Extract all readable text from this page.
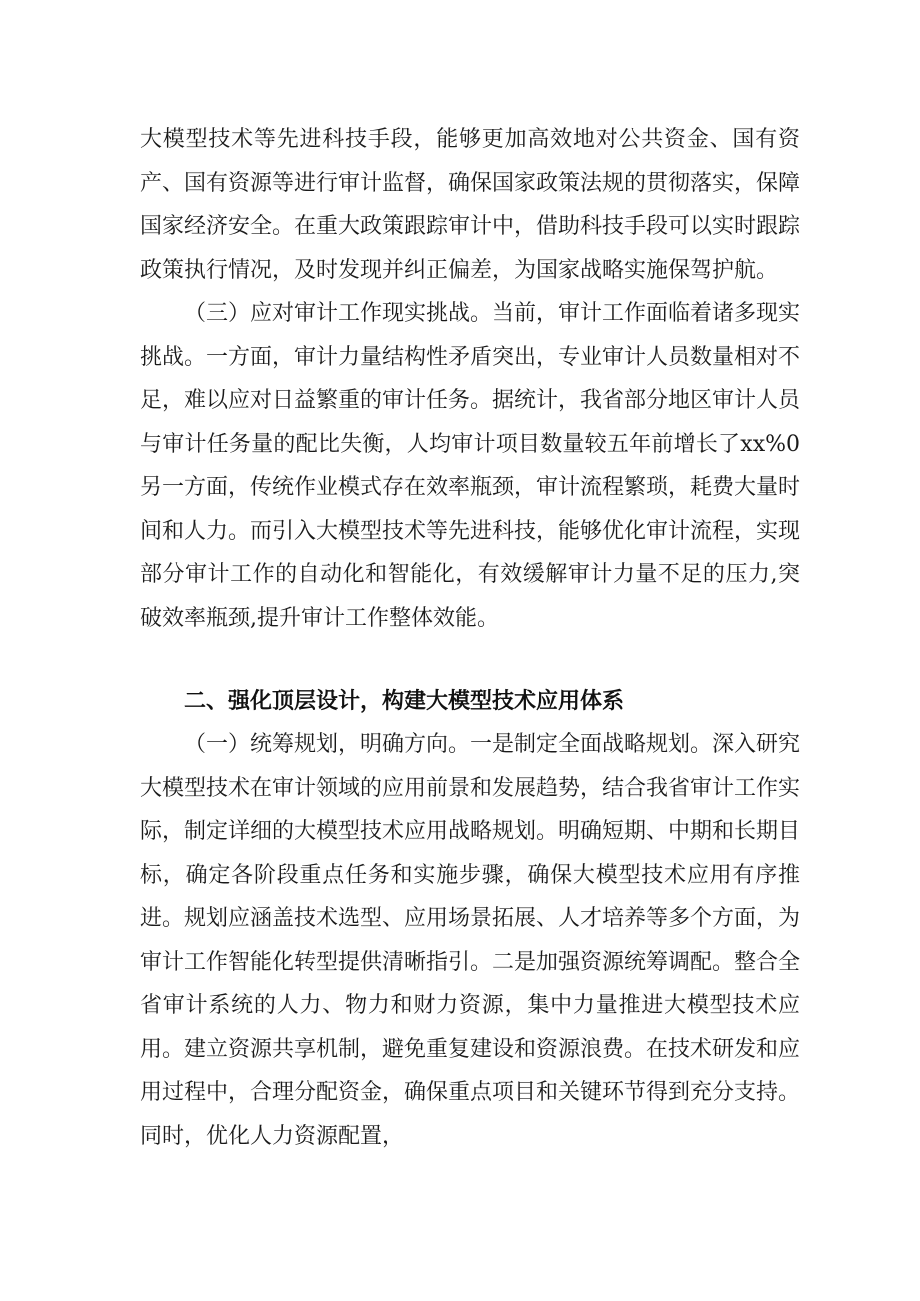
大模型技术等先进科技手段，能够更加高效地对公共资金、国有资产、国有资源等进行审计监督，确保国家政策法规的贯彻落实，保障国家经济安全。在重大政策跟踪审计中，借助科技手段可以实时跟踪政策执行情况，及时发现并纠正偏差，为国家战略实施保驾护航。

（三）应对审计工作现实挑战。当前，审计工作面临着诸多现实挑战。一方面，审计力量结构性矛盾突出，专业审计人员数量相对不足，难以应对日益繁重的审计任务。据统计，我省部分地区审计人员与审计任务量的配比失衡，人均审计项目数量较五年前增长了xx%0另一方面，传统作业模式存在效率瓶颈，审计流程繁琐，耗费大量时间和人力。而引入大模型技术等先进科技，能够优化审计流程，实现部分审计工作的自动化和智能化，有效缓解审计力量不足的压力,突破效率瓶颈,提升审计工作整体效能。

二、强化顶层设计，构建大模型技术应用体系

（一）统筹规划，明确方向。一是制定全面战略规划。深入研究大模型技术在审计领域的应用前景和发展趋势，结合我省审计工作实际，制定详细的大模型技术应用战略规划。明确短期、中期和长期目标，确定各阶段重点任务和实施步骤，确保大模型技术应用有序推进。规划应涵盖技术选型、应用场景拓展、人才培养等多个方面，为审计工作智能化转型提供清晰指引。二是加强资源统筹调配。整合全省审计系统的人力、物力和财力资源，集中力量推进大模型技术应用。建立资源共享机制，避免重复建设和资源浪费。在技术研发和应用过程中，合理分配资金，确保重点项目和关键环节得到充分支持。同时，优化人力资源配置，
